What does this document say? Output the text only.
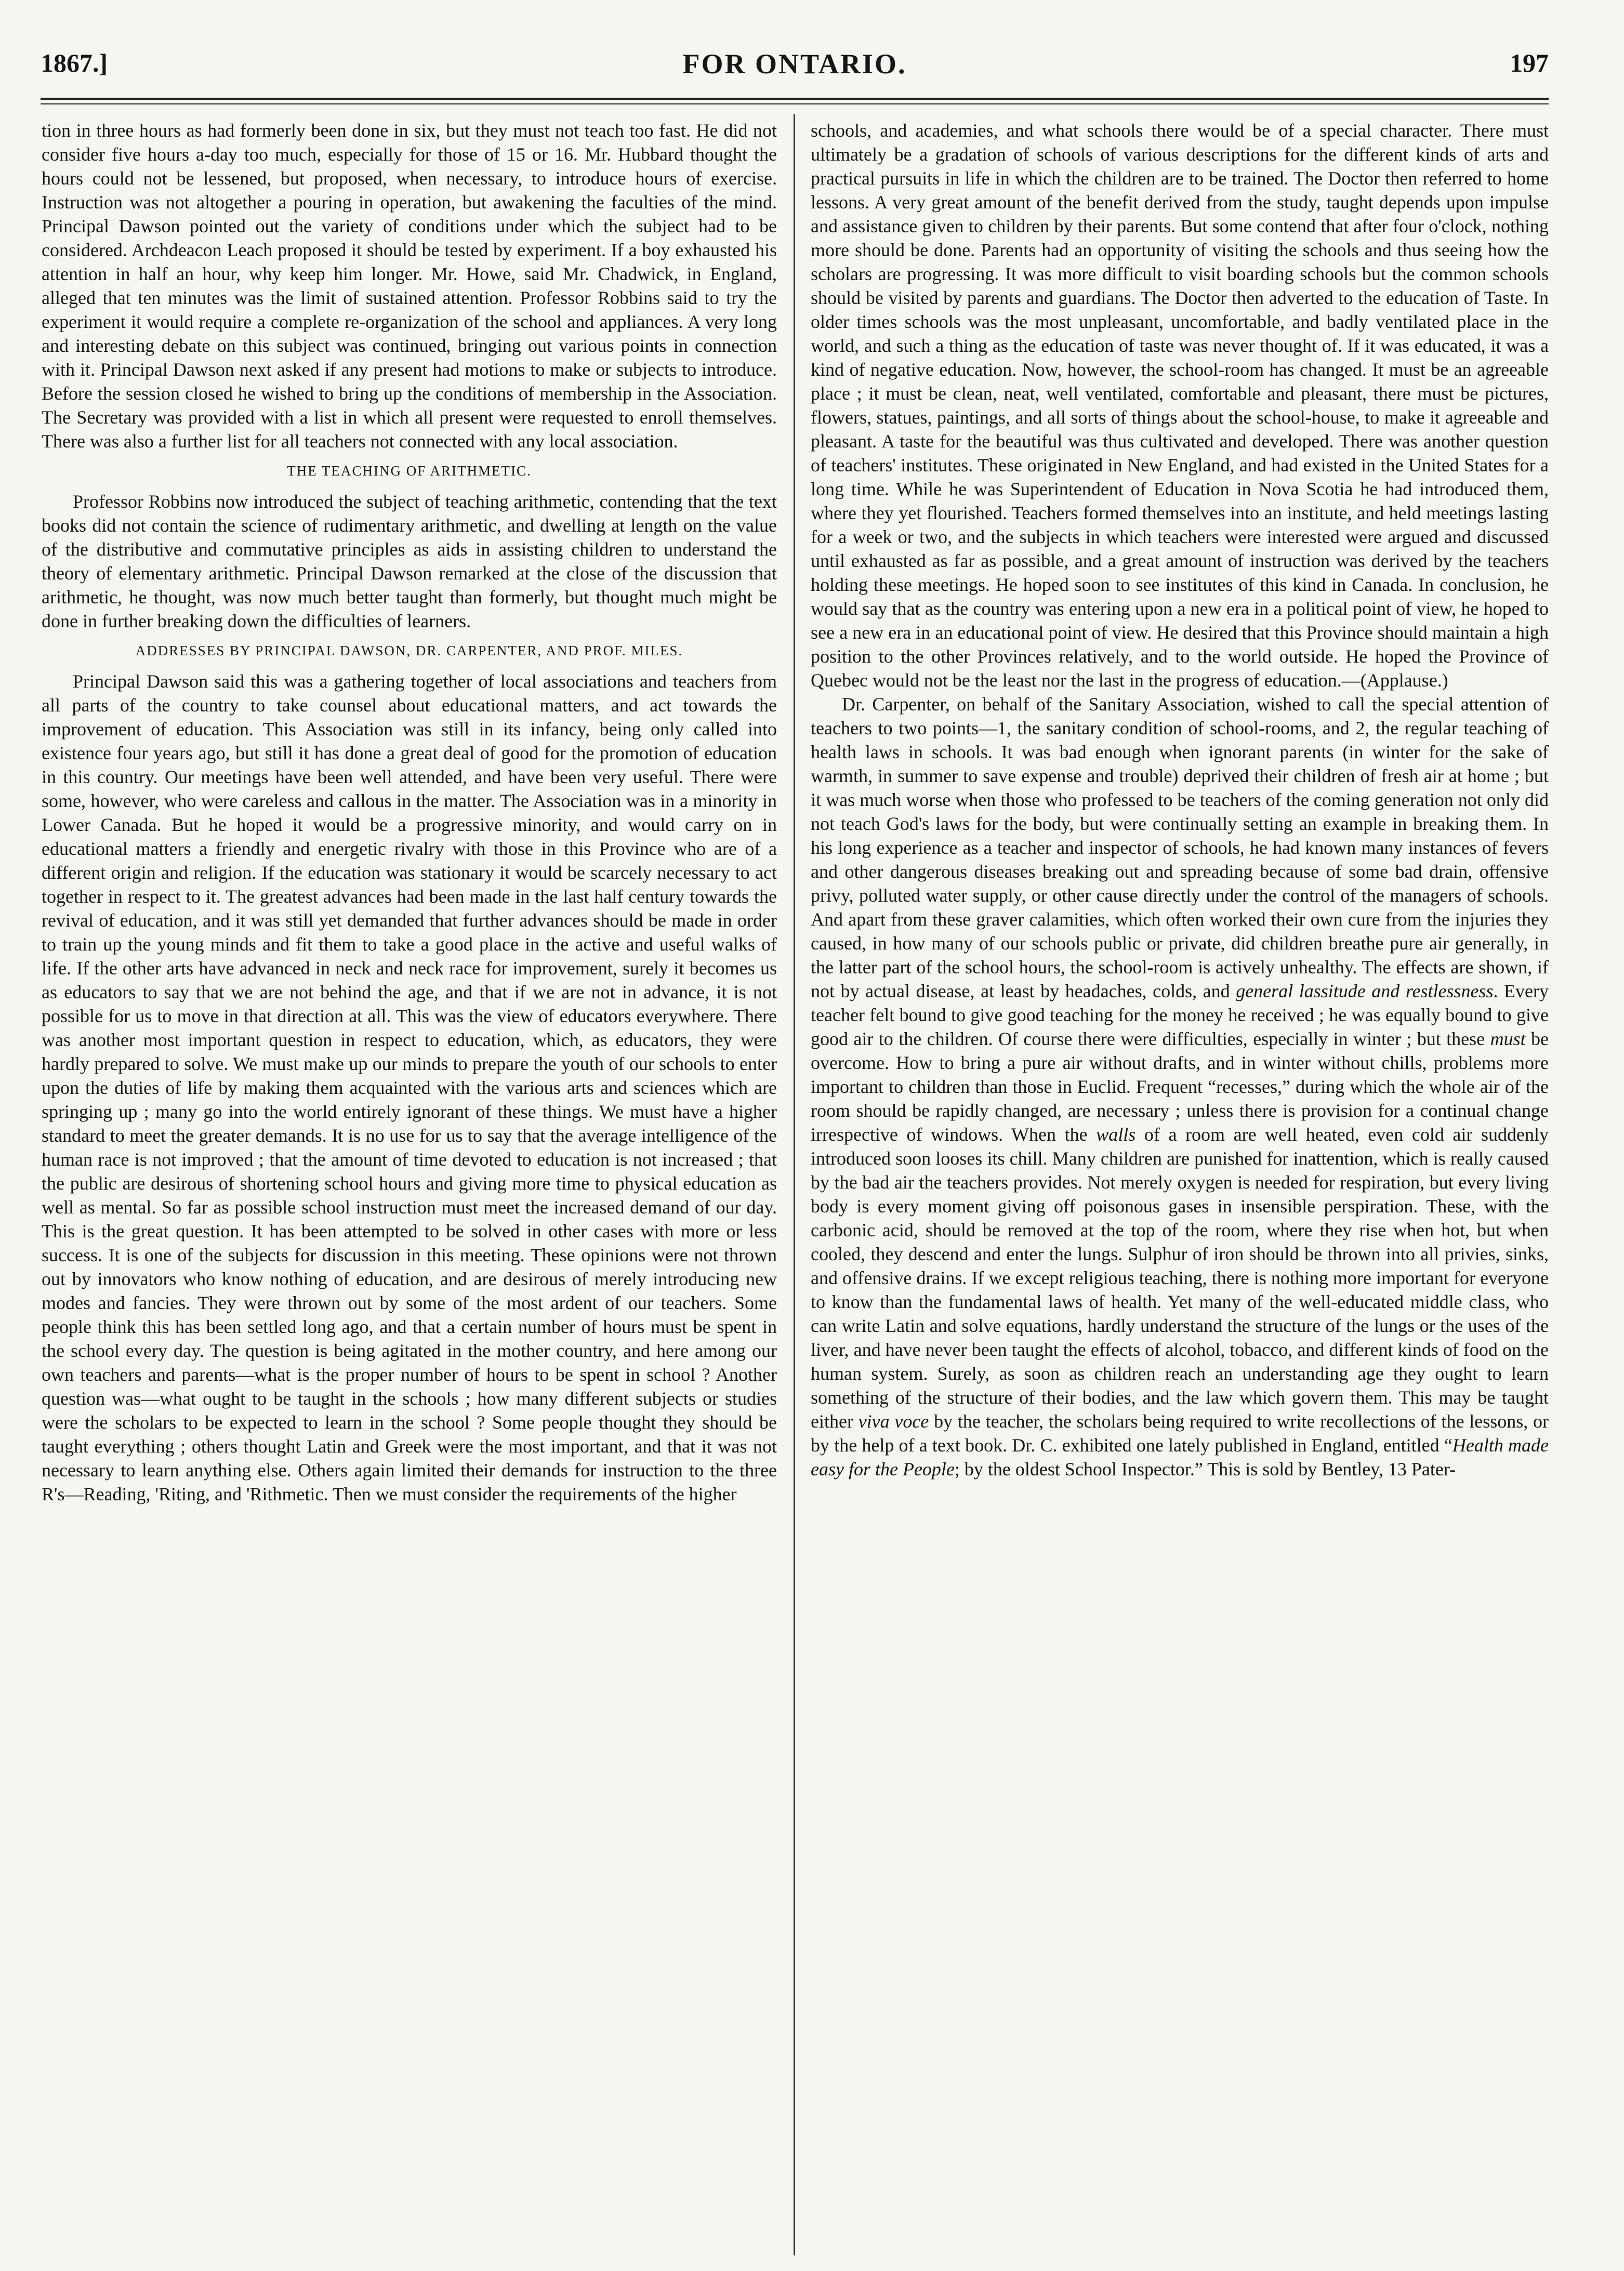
1867.]	FOR ONTARIO.	197

tion in three hours as had formerly been done in six, but they must not teach too fast. He did not consider five hours a-day too much, especially for those of 15 or 16. Mr. Hubbard thought the hours could not be lessened, but proposed, when necessary, to introduce hours of exercise. Instruction was not altogether a pouring in operation, but awakening the faculties of the mind. Principal Dawson pointed out the variety of conditions under which the subject had to be considered. Archdeacon Leach proposed it should be tested by experiment. If a boy exhausted his attention in half an hour, why keep him longer. Mr. Howe, said Mr. Chadwick, in England, alleged that ten minutes was the limit of sustained attention. Professor Robbins said to try the experiment it would require a complete re-organization of the school and appliances. A very long and interesting debate on this subject was continued, bringing out various points in connection with it. Principal Dawson next asked if any present had motions to make or subjects to introduce. Before the session closed he wished to bring up the conditions of membership in the Association. The Secretary was provided with a list in which all present were requested to enroll themselves. There was also a further list for all teachers not connected with any local association.

THE TEACHING OF ARITHMETIC.

Professor Robbins now introduced the subject of teaching arithmetic, contending that the text books did not contain the science of rudimentary arithmetic, and dwelling at length on the value of the distributive and commutative principles as aids in assisting children to understand the theory of elementary arithmetic. Principal Dawson remarked at the close of the discussion that arithmetic, he thought, was now much better taught than formerly, but thought much might be done in further breaking down the difficulties of learners.

ADDRESSES BY PRINCIPAL DAWSON, DR. CARPENTER, AND PROF. MILES.

Principal Dawson said this was a gathering together of local associations and teachers from all parts of the country to take counsel about educational matters, and act towards the improvement of education. This Association was still in its infancy, being only called into existence four years ago, but still it has done a great deal of good for the promotion of education in this country. Our meetings have been well attended, and have been very useful. There were some, however, who were careless and callous in the matter. The Association was in a minority in Lower Canada. But he hoped it would be a progressive minority, and would carry on in educational matters a friendly and energetic rivalry with those in this Province who are of a different origin and religion. If the education was stationary it would be scarcely necessary to act together in respect to it. The greatest advances had been made in the last half century towards the revival of education, and it was still yet demanded that further advances should be made in order to train up the young minds and fit them to take a good place in the active and useful walks of life. If the other arts have advanced in neck and neck race for improvement, surely it becomes us as educators to say that we are not behind the age, and that if we are not in advance, it is not possible for us to move in that direction at all. This was the view of educators everywhere. There was another most important question in respect to education, which, as educators, they were hardly prepared to solve. We must make up our minds to prepare the youth of our schools to enter upon the duties of life by making them acquainted with the various arts and sciences which are springing up ; many go into the world entirely ignorant of these things. We must have a higher standard to meet the greater demands. It is no use for us to say that the average intelligence of the human race is not improved ; that the amount of time devoted to education is not increased ; that the public are desirous of shortening school hours and giving more time to physical education as well as mental. So far as possible school instruction must meet the increased demand of our day. This is the great question. It has been attempted to be solved in other cases with more or less success. It is one of the subjects for discussion in this meeting. These opinions were not thrown out by innovators who know nothing of education, and are desirous of merely introducing new modes and fancies. They were thrown out by some of the most ardent of our teachers. Some people think this has been settled long ago, and that a certain number of hours must be spent in the school every day. The question is being agitated in the mother country, and here among our own teachers and parents—what is the proper number of hours to be spent in school ? Another question was—what ought to be taught in the schools ; how many different subjects or studies were the scholars to be expected to learn in the school ? Some people thought they should be taught everything ; others thought Latin and Greek were the most important, and that it was not necessary to learn anything else. Others again limited their demands for instruction to the three R's—Reading, 'Riting, and 'Rithmetic. Then we must consider the requirements of the higher

schools, and academies, and what schools there would be of a special character. There must ultimately be a gradation of schools of various descriptions for the different kinds of arts and practical pursuits in life in which the children are to be trained. The Doctor then referred to home lessons. A very great amount of the benefit derived from the study, taught depends upon impulse and assistance given to children by their parents. But some contend that after four o'clock, nothing more should be done. Parents had an opportunity of visiting the schools and thus seeing how the scholars are progressing. It was more difficult to visit boarding schools but the common schools should be visited by parents and guardians. The Doctor then adverted to the education of Taste. In older times schools was the most unpleasant, uncomfortable, and badly ventilated place in the world, and such a thing as the education of taste was never thought of. If it was educated, it was a kind of negative education. Now, however, the school-room has changed. It must be an agreeable place ; it must be clean, neat, well ventilated, comfortable and pleasant, there must be pictures, flowers, statues, paintings, and all sorts of things about the school-house, to make it agreeable and pleasant. A taste for the beautiful was thus cultivated and developed. There was another question of teachers' institutes. These originated in New England, and had existed in the United States for a long time. While he was Superintendent of Education in Nova Scotia he had introduced them, where they yet flourished. Teachers formed themselves into an institute, and held meetings lasting for a week or two, and the subjects in which teachers were interested were argued and discussed until exhausted as far as possible, and a great amount of instruction was derived by the teachers holding these meetings. He hoped soon to see institutes of this kind in Canada. In conclusion, he would say that as the country was entering upon a new era in a political point of view, he hoped to see a new era in an educational point of view. He desired that this Province should maintain a high position to the other Provinces relatively, and to the world outside. He hoped the Province of Quebec would not be the least nor the last in the progress of education.—(Applause.)

Dr. Carpenter, on behalf of the Sanitary Association, wished to call the special attention of teachers to two points—1, the sanitary condition of school-rooms, and 2, the regular teaching of health laws in schools. It was bad enough when ignorant parents (in winter for the sake of warmth, in summer to save expense and trouble) deprived their children of fresh air at home ; but it was much worse when those who professed to be teachers of the coming generation not only did not teach God's laws for the body, but were continually setting an example in breaking them. In his long experience as a teacher and inspector of schools, he had known many instances of fevers and other dangerous diseases breaking out and spreading because of some bad drain, offensive privy, polluted water supply, or other cause directly under the control of the managers of schools. And apart from these graver calamities, which often worked their own cure from the injuries they caused, in how many of our schools public or private, did children breathe pure air generally, in the latter part of the school hours, the school-room is actively unhealthy. The effects are shown, if not by actual disease, at least by headaches, colds, and general lassitude and restlessness. Every teacher felt bound to give good teaching for the money he received ; he was equally bound to give good air to the children. Of course there were difficulties, especially in winter ; but these must be overcome. How to bring a pure air without drafts, and in winter without chills, problems more important to children than those in Euclid. Frequent “recesses,” during which the whole air of the room should be rapidly changed, are necessary ; unless there is provision for a continual change irrespective of windows. When the walls of a room are well heated, even cold air suddenly introduced soon looses its chill. Many children are punished for inattention, which is really caused by the bad air the teachers provides. Not merely oxygen is needed for respiration, but every living body is every moment giving off poisonous gases in insensible perspiration. These, with the carbonic acid, should be removed at the top of the room, where they rise when hot, but when cooled, they descend and enter the lungs. Sulphur of iron should be thrown into all privies, sinks, and offensive drains. If we except religious teaching, there is nothing more important for everyone to know than the fundamental laws of health. Yet many of the well-educated middle class, who can write Latin and solve equations, hardly understand the structure of the lungs or the uses of the liver, and have never been taught the effects of alcohol, tobacco, and different kinds of food on the human system. Surely, as soon as children reach an understanding age they ought to learn something of the structure of their bodies, and the law which govern them. This may be taught either viva voce by the teacher, the scholars being required to write recollections of the lessons, or by the help of a text book. Dr. C. exhibited one lately published in England, entitled “Health made easy for the People; by the oldest School Inspector.” This is sold by Bentley, 13 Pater-
